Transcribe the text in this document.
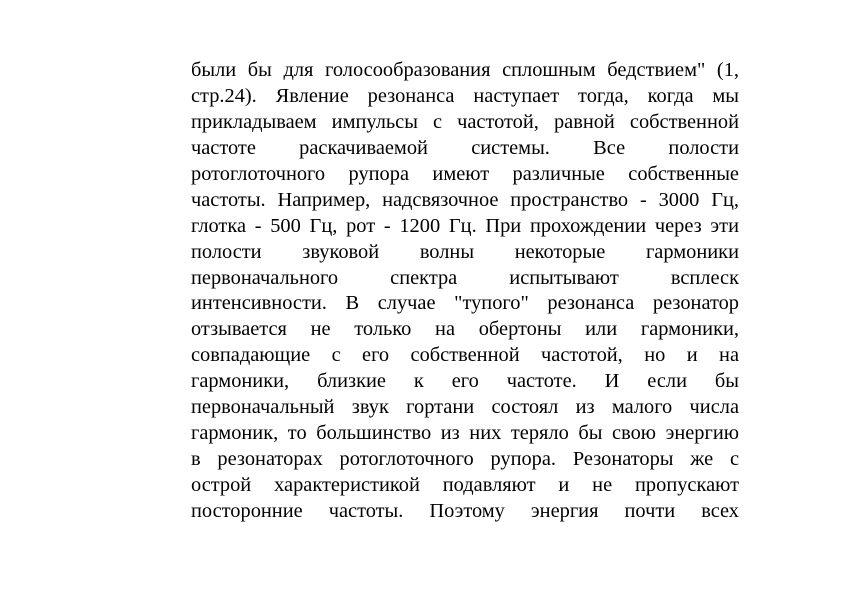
были бы для голосообразования сплошным бедствием" (1,
стр.24). Явление резонанса наступает тогда, когда мы
прикладываем импульсы с частотой, равной собственной
частоте раскачиваемой системы. Все полости
ротоглоточного рупора имеют различные собственные
частоты. Например, надсвязочное пространство - 3000 Гц,
глотка - 500 Гц, рот - 1200 Гц. При прохождении через эти
полости звуковой волны некоторые гармоники
первоначального спектра испытывают всплеск
интенсивности. В случае "тупого" резонанса резонатор
отзывается не только на обертоны или гармоники,
совпадающие с его собственной частотой, но и на
гармоники, близкие к его частоте. И если бы
первоначальный звук гортани состоял из малого числа
гармоник, то большинство из них теряло бы свою энергию
в резонаторах ротоглоточного рупора. Резонаторы же с
острой характеристикой подавляют и не пропускают
посторонние частоты. Поэтому энергия почти всех
